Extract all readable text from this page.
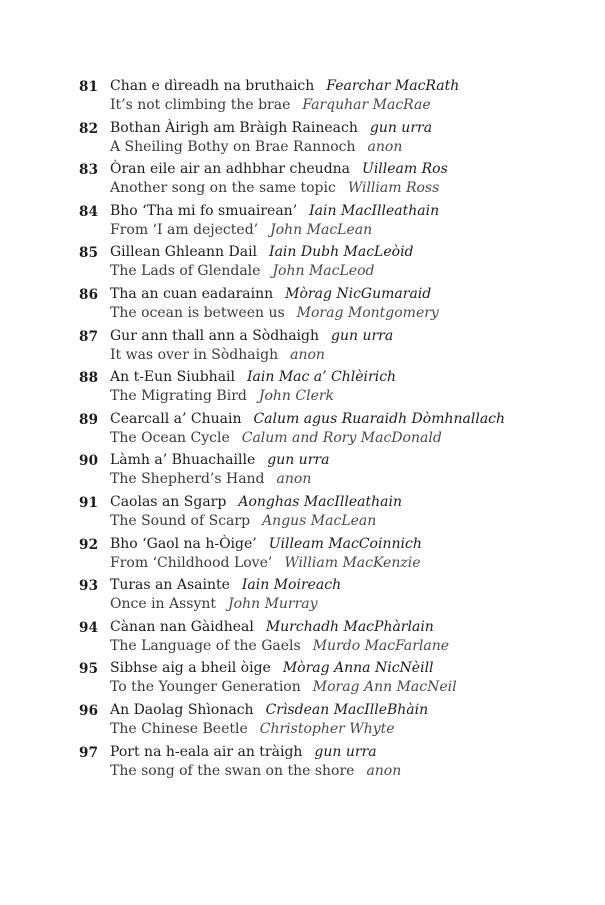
81 Chan e dìreadh na bruthaich Fearchar MacRath
It’s not climbing the brae Farquhar MacRae
82 Bothan Àirigh am Bràigh Raineach gun urra
A Sheiling Bothy on Brae Rannoch anon
83 Òran eile air an adhbhar cheudna Uilleam Ros
Another song on the same topic William Ross
84 Bho ‘Tha mi fo smuairean’ Iain MacIlleathain
From ‘I am dejected’ John MacLean
85 Gillean Ghleann Dail Iain Dubh MacLeòid
The Lads of Glendale John MacLeod
86 Tha an cuan eadarainn Mòrag NicGumaraid
The ocean is between us Morag Montgomery
87 Gur ann thall ann a Sòdhaigh gun urra
It was over in Sòdhaigh anon
88 An t-Eun Siubhail Iain Mac a’ Chlèirich
The Migrating Bird John Clerk
89 Cearcall a’ Chuain Calum agus Ruaraidh Dòmhnallach
The Ocean Cycle Calum and Rory MacDonald
90 Làmh a’ Bhuachaille gun urra
The Shepherd’s Hand anon
91 Caolas an Sgarp Aonghas MacIlleathain
The Sound of Scarp Angus MacLean
92 Bho ‘Gaol na h-Òige’ Uilleam MacCoinnich
From ‘Childhood Love’ William MacKenzie
93 Turas an Asainte Iain Moireach
Once in Assynt John Murray
94 Cànan nan Gàidheal Murchadh MacPhàrlain
The Language of the Gaels Murdo MacFarlane
95 Sibhse aig a bheil òige Mòrag Anna NicNèill
To the Younger Generation Morag Ann MacNeil
96 An Daolag Shìonach Crìsdean MacIlleBhàin
The Chinese Beetle Christopher Whyte
97 Port na h-eala air an tràigh gun urra
The song of the swan on the shore anon
